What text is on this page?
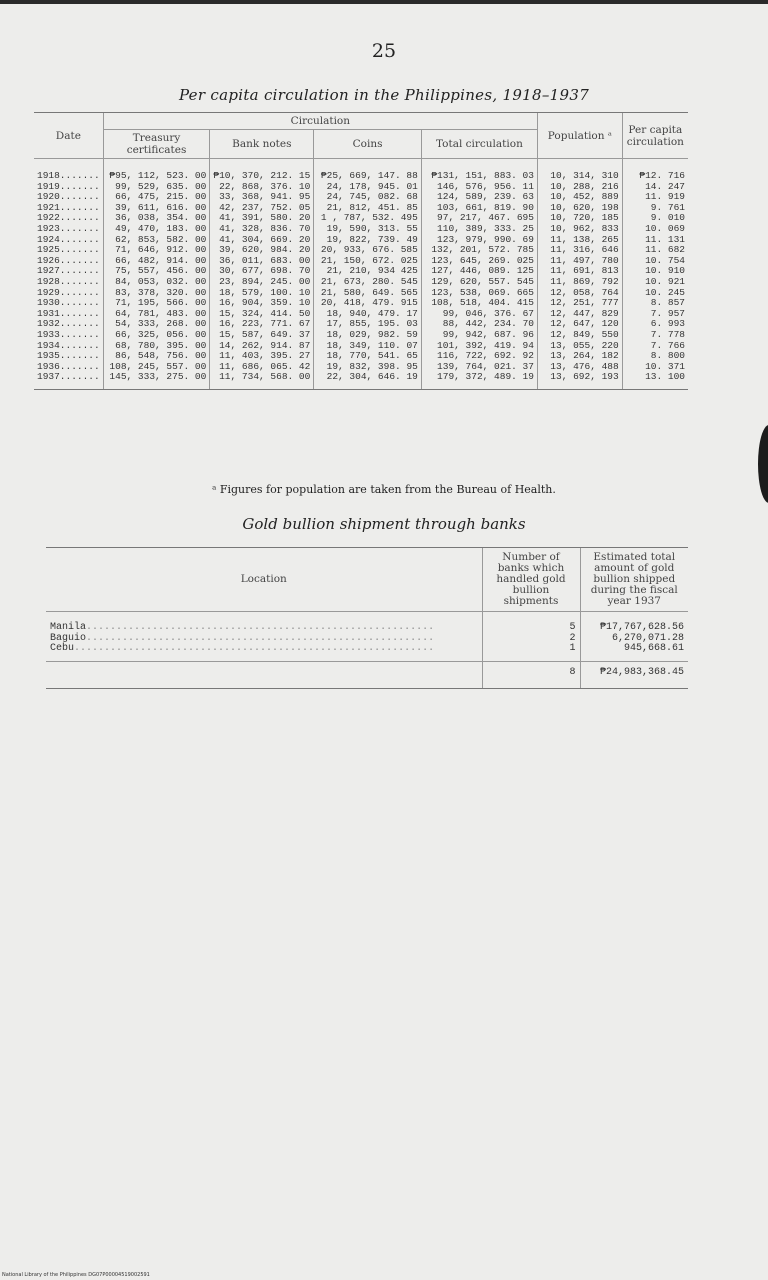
25
Per capita circulation in the Philippines, 1918–1937
Date	Circulation				Population ᵃ	Per capita circulation
	Treasury certificates	Bank notes	Coins	Total circulation		
1918.......	₱95, 112, 523. 00	₱10, 370, 212. 15	₱25, 669, 147. 88	₱131, 151, 883. 03	10, 314, 310	₱12. 716
1919.......	99, 529, 635. 00	22, 868, 376. 10	24, 178, 945. 01	146, 576, 956. 11	10, 288, 216	14. 247
1920.......	66, 475, 215. 00	33, 368, 941. 95	24, 745, 082. 68	124, 589, 239. 63	10, 452, 889	11. 919
1921.......	39, 611, 616. 00	42, 237, 752. 05	21, 812, 451. 85	103, 661, 819. 90	10, 620, 198	9. 761
1922.......	36, 038, 354. 00	41, 391, 580. 20	1 , 787, 532. 495	97, 217, 467. 695	10, 720, 185	9. 010
1923.......	49, 470, 183. 00	41, 328, 836. 70	19, 590, 313. 55	110, 389, 333. 25	10, 962, 833	10. 069
1924.......	62, 853, 582. 00	41, 304, 669. 20	19, 822, 739. 49	123, 979, 990. 69	11, 138, 265	11. 131
1925.......	71, 646, 912. 00	39, 620, 984. 20	20, 933, 676. 585	132, 201, 572. 785	11, 316, 646	11. 682
1926.......	66, 482, 914. 00	36, 011, 683. 00	21, 150, 672. 025	123, 645, 269. 025	11, 497, 780	10. 754
1927.......	75, 557, 456. 00	30, 677, 698. 70	21, 210, 934 425	127, 446, 089. 125	11, 691, 813	10. 910
1928.......	84, 053, 032. 00	23, 894, 245. 00	21, 673, 280. 545	129, 620, 557. 545	11, 869, 792	10. 921
1929.......	83, 378, 320. 00	18, 579, 100. 10	21, 580, 649. 565	123, 538, 069. 665	12, 058, 764	10. 245
1930.......	71, 195, 566. 00	16, 904, 359. 10	20, 418, 479. 915	108, 518, 404. 415	12, 251, 777	8. 857
1931.......	64, 781, 483. 00	15, 324, 414. 50	18, 940, 479. 17	99, 046, 376. 67	12, 447, 829	7. 957
1932.......	54, 333, 268. 00	16, 223, 771. 67	17, 855, 195. 03	88, 442, 234. 70	12, 647, 120	6. 993
1933.......	66, 325, 056. 00	15, 587, 649. 37	18, 029, 982. 59	99, 942, 687. 96	12, 849, 550	7. 778
1934.......	68, 780, 395. 00	14, 262, 914. 87	18, 349, 110. 07	101, 392, 419. 94	13, 055, 220	7. 766
1935.......	86, 548, 756. 00	11, 403, 395. 27	18, 770, 541. 65	116, 722, 692. 92	13, 264, 182	8. 800
1936.......	108, 245, 557. 00	11, 686, 065. 42	19, 832, 398. 95	139, 764, 021. 37	13, 476, 488	10. 371
1937.......	145, 333, 275. 00	11, 734, 568. 00	22, 304, 646. 19	179, 372, 489. 19	13, 692, 193	13. 100
ᵃ Figures for population are taken from the Bureau of Health.
Gold bullion shipment through banks
Location	Number of banks which handled gold bullion shipments	Estimated total amount of gold bullion shipped during the fiscal year 1937
Manila..........................................................	5	₱17,767,628.56
Baguio..........................................................	2	6,270,071.28
Cebu............................................................	1	945,668.61
	8	₱24,983,368.45
National Library of the Philippines DG07P00004519002591
